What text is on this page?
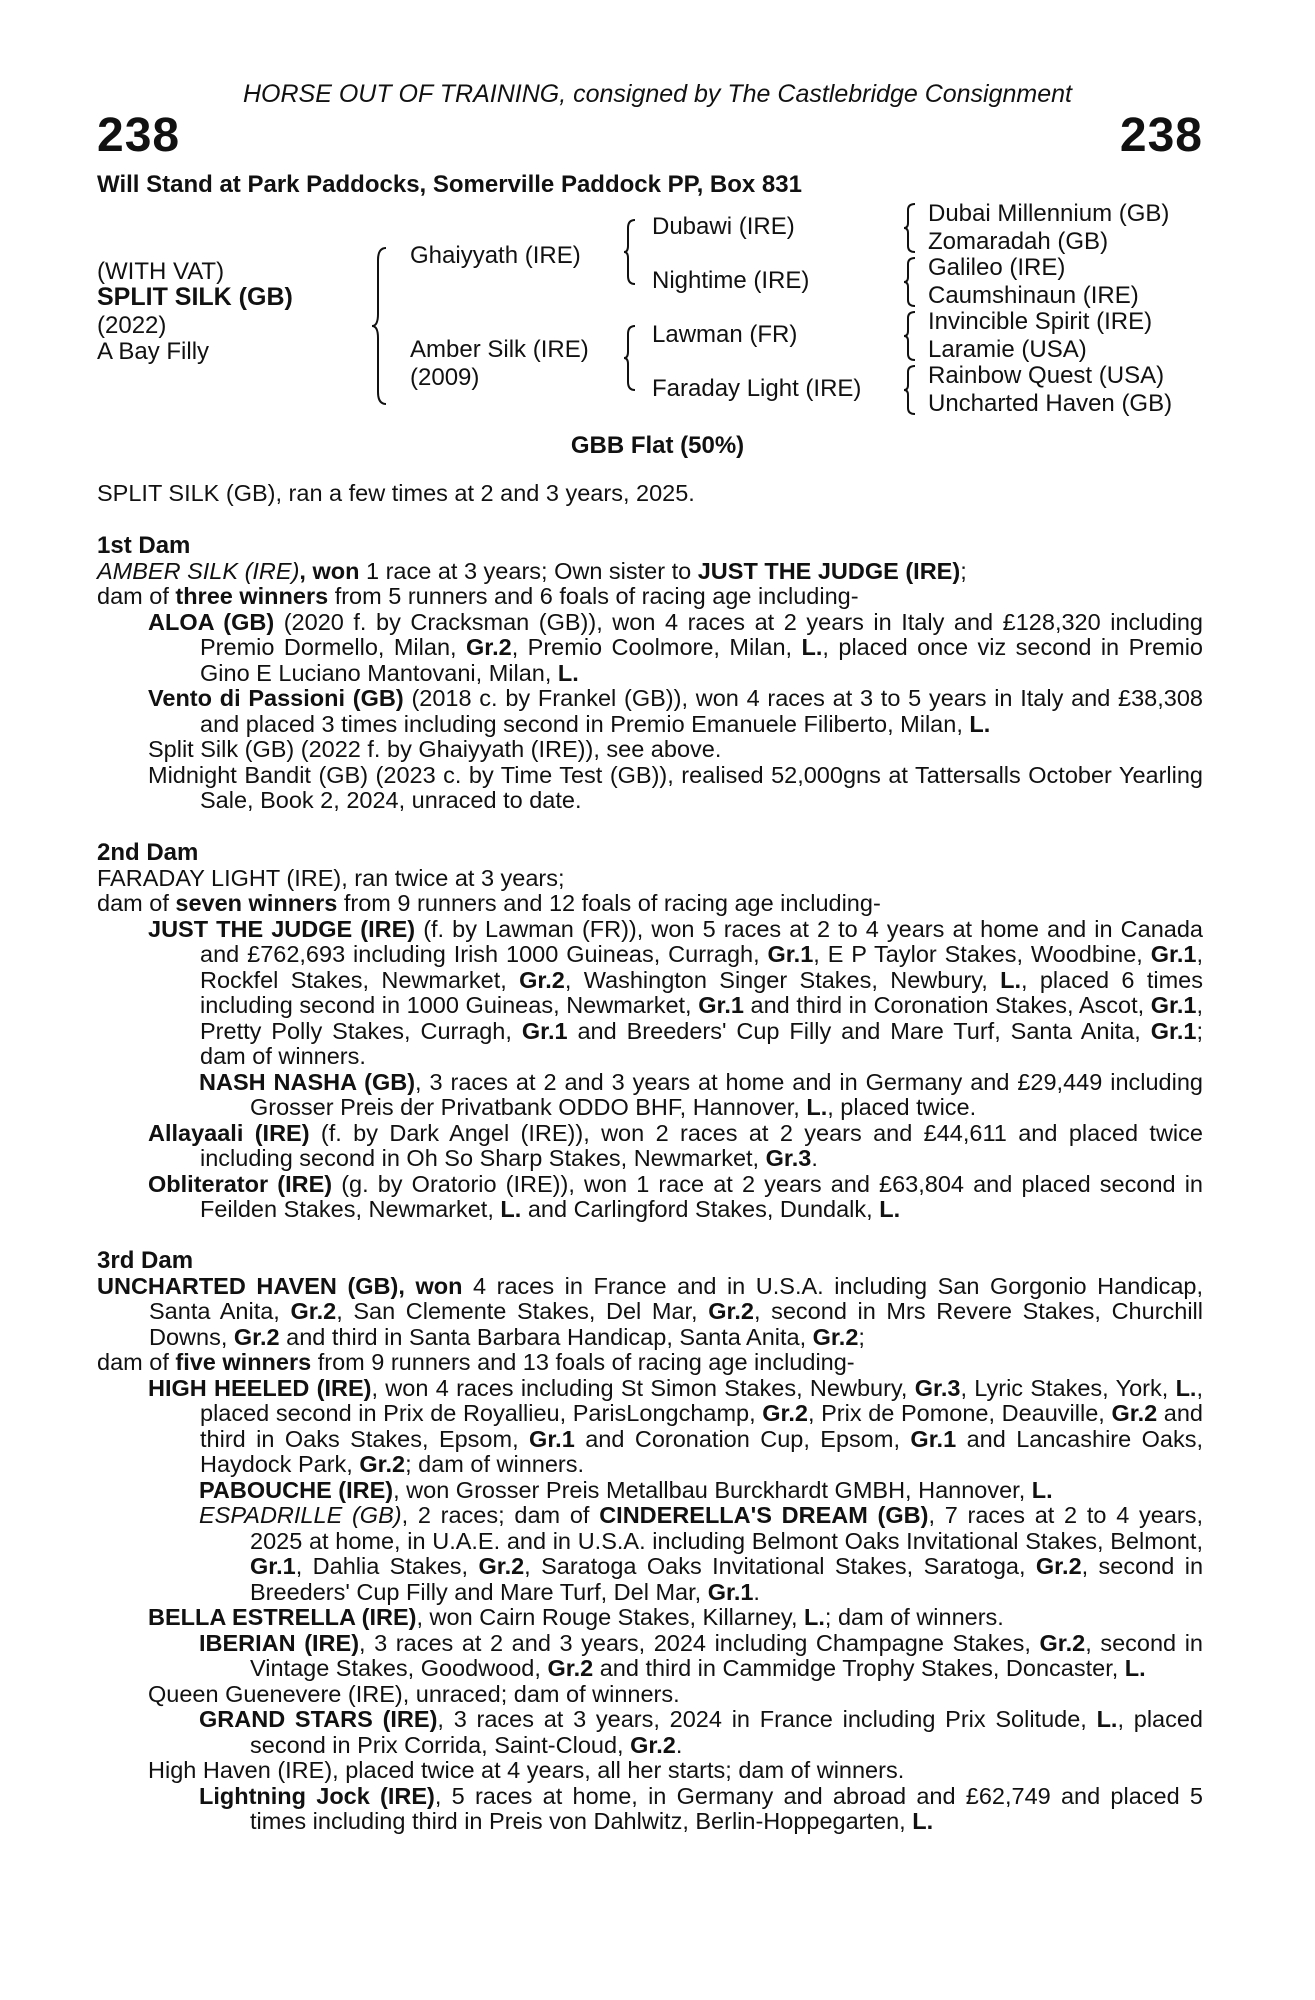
HORSE OUT OF TRAINING, consigned by The Castlebridge Consignment
238	238
Will Stand at Park Paddocks, Somerville Paddock PP, Box 831
(WITH VAT)
SPLIT SILK (GB)
(2022)
A Bay Filly
Ghaiyyath (IRE)
Amber Silk (IRE)
(2009)
Dubawi (IRE)
Nightime (IRE)
Lawman (FR)
Faraday Light (IRE)
Dubai Millennium (GB)
Zomaradah (GB)
Galileo (IRE)
Caumshinaun (IRE)
Invincible Spirit (IRE)
Laramie (USA)
Rainbow Quest (USA)
Uncharted Haven (GB)
GBB Flat (50%)

SPLIT SILK (GB), ran a few times at 2 and 3 years, 2025.

1st Dam

AMBER SILK (IRE), won 1 race at 3 years; Own sister to JUST THE JUDGE (IRE);

dam of three winners from 5 runners and 6 foals of racing age including-

ALOA (GB) (2020 f. by Cracksman (GB)), won 4 races at 2 years in Italy and £128,320 including Premio Dormello, Milan, Gr.2, Premio Coolmore, Milan, L., placed once viz second in Premio Gino E Luciano Mantovani, Milan, L.

Vento di Passioni (GB) (2018 c. by Frankel (GB)), won 4 races at 3 to 5 years in Italy and £38,308 and placed 3 times including second in Premio Emanuele Filiberto, Milan, L.

Split Silk (GB) (2022 f. by Ghaiyyath (IRE)), see above.

Midnight Bandit (GB) (2023 c. by Time Test (GB)), realised 52,000gns at Tattersalls October Yearling Sale, Book 2, 2024, unraced to date.

2nd Dam

FARADAY LIGHT (IRE), ran twice at 3 years;

dam of seven winners from 9 runners and 12 foals of racing age including-

JUST THE JUDGE (IRE) (f. by Lawman (FR)), won 5 races at 2 to 4 years at home and in Canada and £762,693 including Irish 1000 Guineas, Curragh, Gr.1, E P Taylor Stakes, Woodbine, Gr.1, Rockfel Stakes, Newmarket, Gr.2, Washington Singer Stakes, Newbury, L., placed 6 times including second in 1000 Guineas, Newmarket, Gr.1 and third in Coronation Stakes, Ascot, Gr.1, Pretty Polly Stakes, Curragh, Gr.1 and Breeders' Cup Filly and Mare Turf, Santa Anita, Gr.1; dam of winners.

NASH NASHA (GB), 3 races at 2 and 3 years at home and in Germany and £29,449 including Grosser Preis der Privatbank ODDO BHF, Hannover, L., placed twice.

Allayaali (IRE) (f. by Dark Angel (IRE)), won 2 races at 2 years and £44,611 and placed twice including second in Oh So Sharp Stakes, Newmarket, Gr.3.

Obliterator (IRE) (g. by Oratorio (IRE)), won 1 race at 2 years and £63,804 and placed second in Feilden Stakes, Newmarket, L. and Carlingford Stakes, Dundalk, L.

3rd Dam

UNCHARTED HAVEN (GB), won 4 races in France and in U.S.A. including San Gorgonio Handicap, Santa Anita, Gr.2, San Clemente Stakes, Del Mar, Gr.2, second in Mrs Revere Stakes, Churchill Downs, Gr.2 and third in Santa Barbara Handicap, Santa Anita, Gr.2;

dam of five winners from 9 runners and 13 foals of racing age including-

HIGH HEELED (IRE), won 4 races including St Simon Stakes, Newbury, Gr.3, Lyric Stakes, York, L., placed second in Prix de Royallieu, ParisLongchamp, Gr.2, Prix de Pomone, Deauville, Gr.2 and third in Oaks Stakes, Epsom, Gr.1 and Coronation Cup, Epsom, Gr.1 and Lancashire Oaks, Haydock Park, Gr.2; dam of winners.

PABOUCHE (IRE), won Grosser Preis Metallbau Burckhardt GMBH, Hannover, L.

ESPADRILLE (GB), 2 races; dam of CINDERELLA'S DREAM (GB), 7 races at 2 to 4 years, 2025 at home, in U.A.E. and in U.S.A. including Belmont Oaks Invitational Stakes, Belmont, Gr.1, Dahlia Stakes, Gr.2, Saratoga Oaks Invitational Stakes, Saratoga, Gr.2, second in Breeders' Cup Filly and Mare Turf, Del Mar, Gr.1.

BELLA ESTRELLA (IRE), won Cairn Rouge Stakes, Killarney, L.; dam of winners.

IBERIAN (IRE), 3 races at 2 and 3 years, 2024 including Champagne Stakes, Gr.2, second in Vintage Stakes, Goodwood, Gr.2 and third in Cammidge Trophy Stakes, Doncaster, L.

Queen Guenevere (IRE), unraced; dam of winners.

GRAND STARS (IRE), 3 races at 3 years, 2024 in France including Prix Solitude, L., placed second in Prix Corrida, Saint-Cloud, Gr.2.

High Haven (IRE), placed twice at 4 years, all her starts; dam of winners.

Lightning Jock (IRE), 5 races at home, in Germany and abroad and £62,749 and placed 5 times including third in Preis von Dahlwitz, Berlin-Hoppegarten, L.
